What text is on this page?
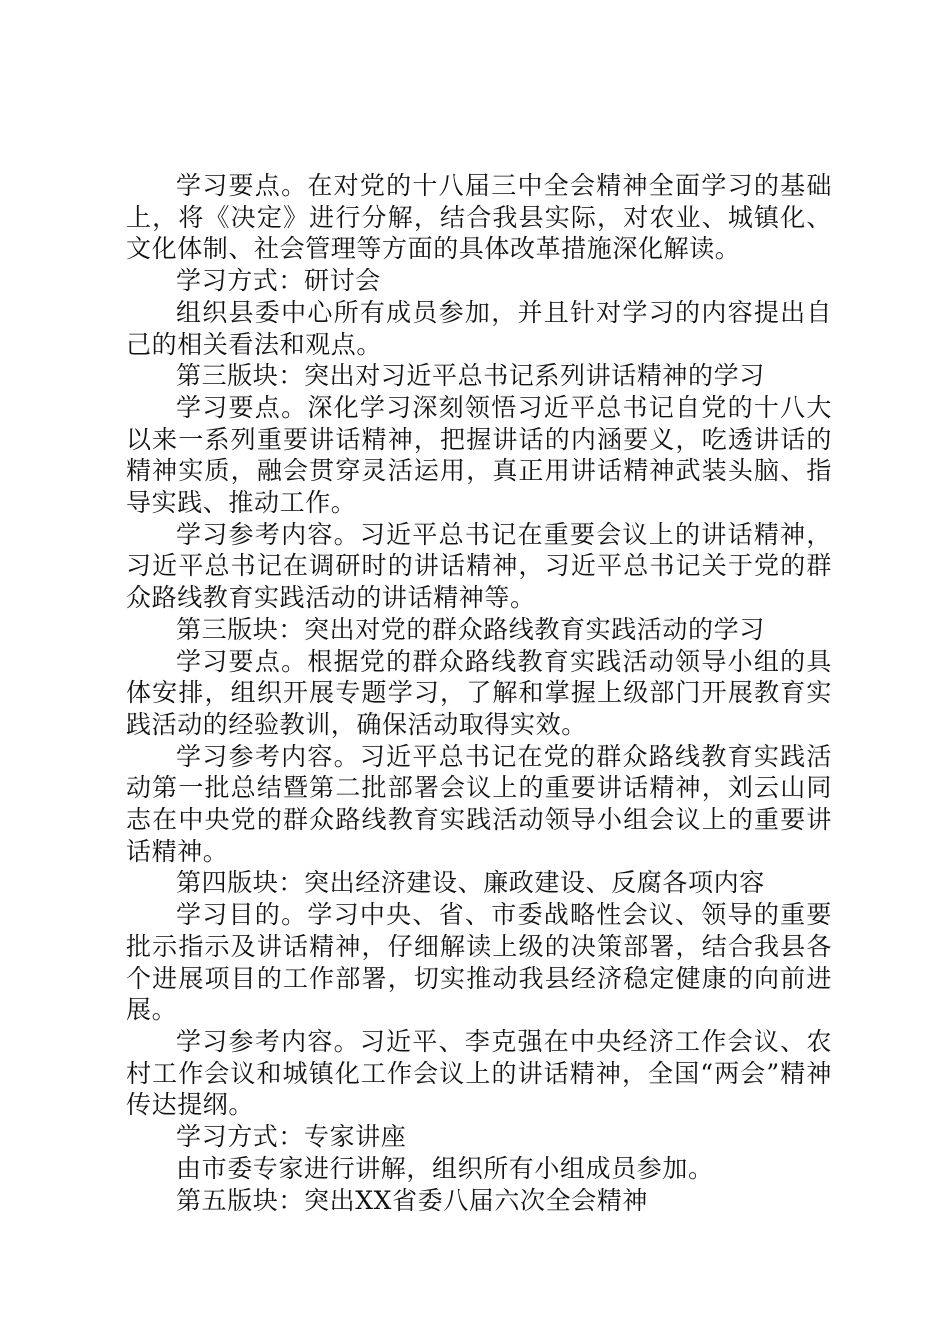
学习要点。在对党的十八届三中全会精神全面学习的基础上，将《决定》进行分解，结合我县实际，对农业、城镇化、文化体制、社会管理等方面的具体改革措施深化解读。

学习方式：研讨会

组织县委中心所有成员参加，并且针对学习的内容提出自己的相关看法和观点。

第三版块：突出对习近平总书记系列讲话精神的学习

学习要点。深化学习深刻领悟习近平总书记自党的十八大以来一系列重要讲话精神，把握讲话的内涵要义，吃透讲话的精神实质，融会贯穿灵活运用，真正用讲话精神武装头脑、指导实践、推动工作。

学习参考内容。习近平总书记在重要会议上的讲话精神，习近平总书记在调研时的讲话精神，习近平总书记关于党的群众路线教育实践活动的讲话精神等。

第三版块：突出对党的群众路线教育实践活动的学习

学习要点。根据党的群众路线教育实践活动领导小组的具体安排，组织开展专题学习，了解和掌握上级部门开展教育实践活动的经验教训，确保活动取得实效。

学习参考内容。习近平总书记在党的群众路线教育实践活动第一批总结暨第二批部署会议上的重要讲话精神，刘云山同志在中央党的群众路线教育实践活动领导小组会议上的重要讲话精神。

第四版块：突出经济建设、廉政建设、反腐各项内容

学习目的。学习中央、省、市委战略性会议、领导的重要批示指示及讲话精神，仔细解读上级的决策部署，结合我县各个进展项目的工作部署，切实推动我县经济稳定健康的向前进展。

学习参考内容。习近平、李克强在中央经济工作会议、农村工作会议和城镇化工作会议上的讲话精神，全国“两会”精神传达提纲。

学习方式：专家讲座

由市委专家进行讲解，组织所有小组成员参加。

第五版块：突出XX省委八届六次全会精神
